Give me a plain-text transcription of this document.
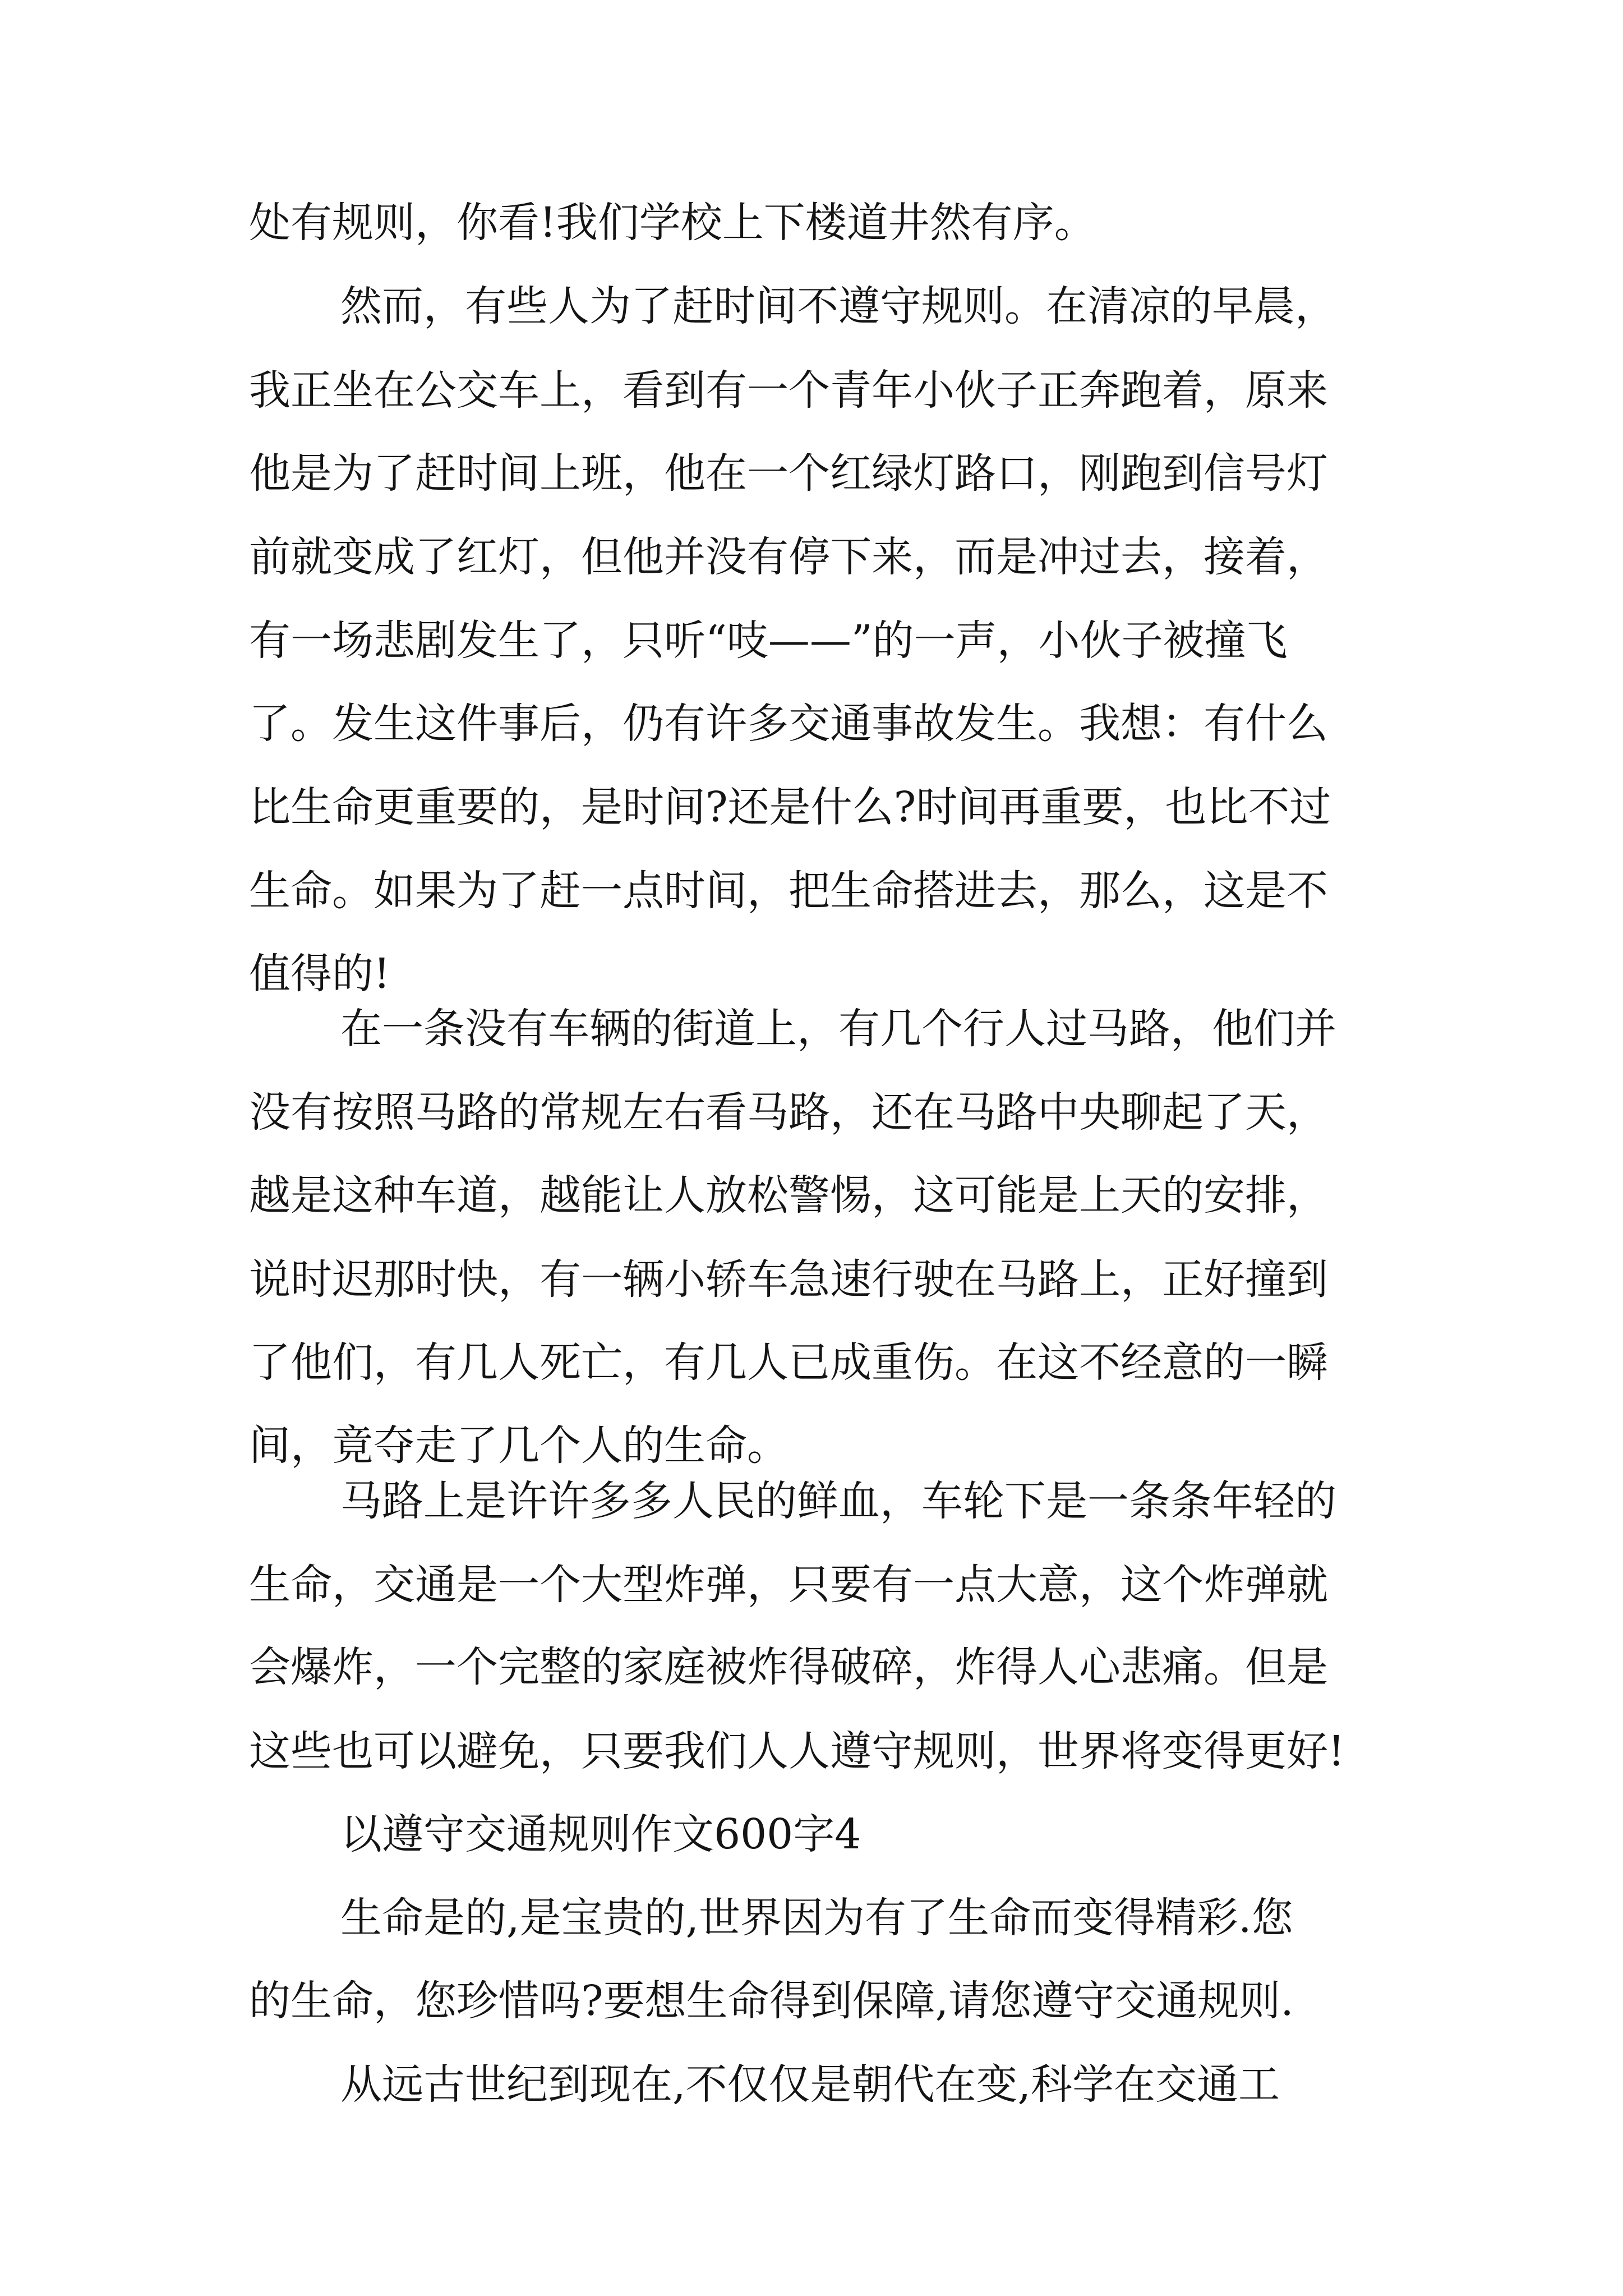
处有规则，你看!我们学校上下楼道井然有序。
然而，有些人为了赶时间不遵守规则。在清凉的早晨，
我正坐在公交车上，看到有一个青年小伙子正奔跑着，原来
他是为了赶时间上班，他在一个红绿灯路口，刚跑到信号灯
前就变成了红灯，但他并没有停下来，而是冲过去，接着，
有一场悲剧发生了，只听“吱——”的一声，小伙子被撞飞
了。发生这件事后，仍有许多交通事故发生。我想：有什么
比生命更重要的，是时间?还是什么?时间再重要，也比不过
生命。如果为了赶一点时间，把生命搭进去，那么，这是不
值得的!
在一条没有车辆的街道上，有几个行人过马路，他们并
没有按照马路的常规左右看马路，还在马路中央聊起了天，
越是这种车道，越能让人放松警惕，这可能是上天的安排，
说时迟那时快，有一辆小轿车急速行驶在马路上，正好撞到
了他们，有几人死亡，有几人已成重伤。在这不经意的一瞬
间，竟夺走了几个人的生命。
马路上是许许多多人民的鲜血，车轮下是一条条年轻的
生命，交通是一个大型炸弹，只要有一点大意，这个炸弹就
会爆炸，一个完整的家庭被炸得破碎，炸得人心悲痛。但是
这些也可以避免，只要我们人人遵守规则，世界将变得更好!
以遵守交通规则作文600字4
生命是的,是宝贵的,世界因为有了生命而变得精彩.您
的生命，您珍惜吗?要想生命得到保障,请您遵守交通规则.
从远古世纪到现在,不仅仅是朝代在变,科学在交通工
